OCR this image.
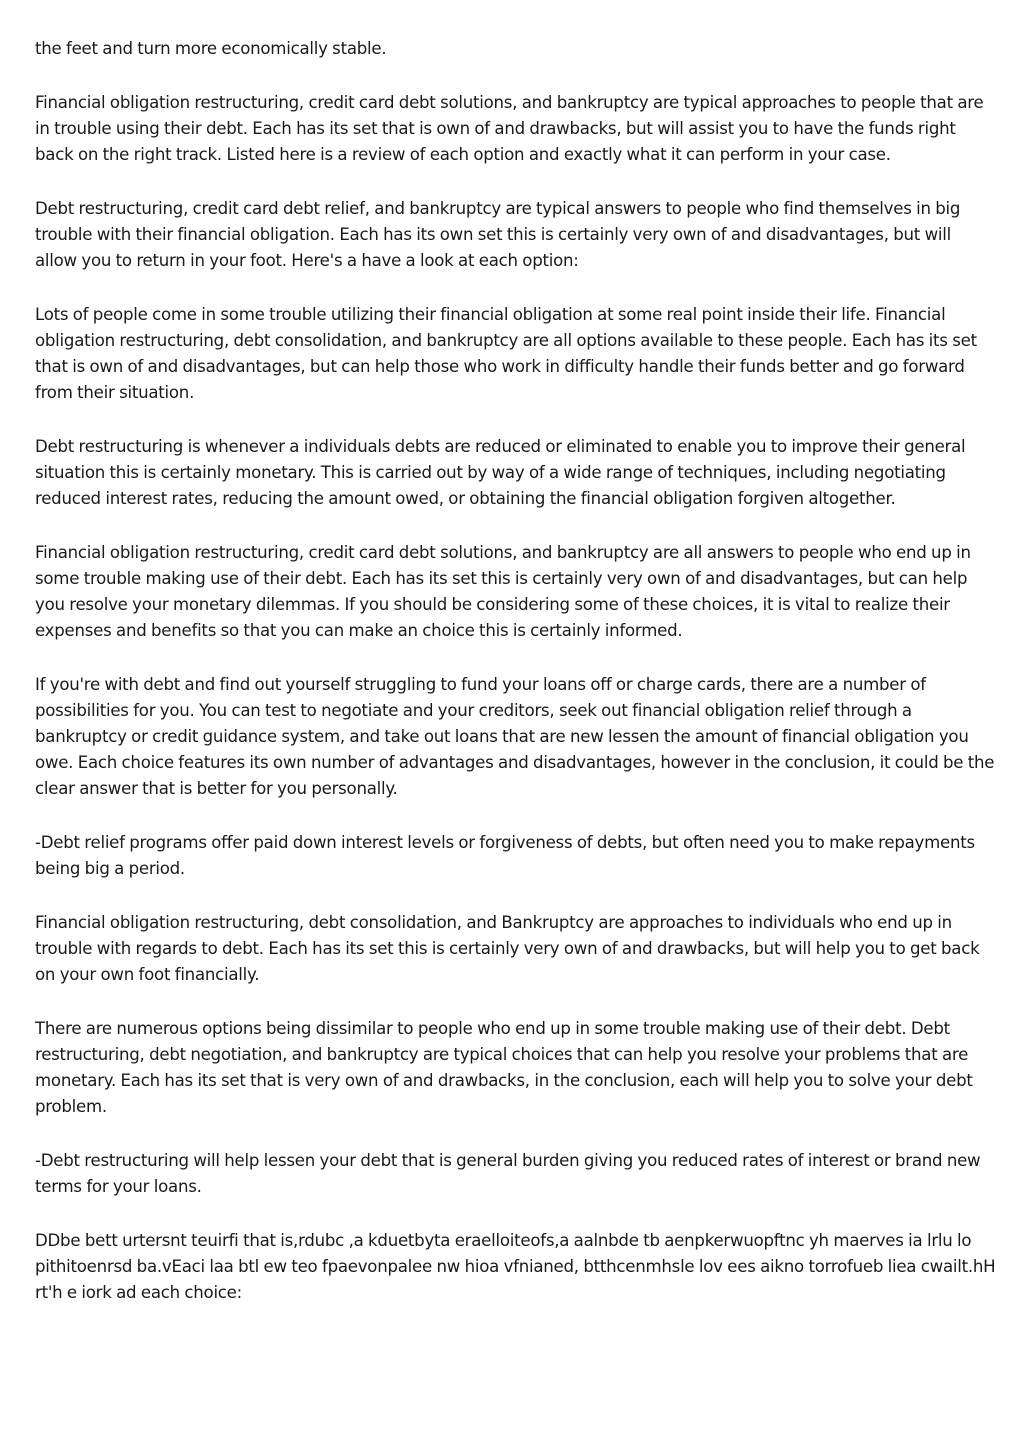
the feet and turn more economically stable.

Financial obligation restructuring, credit card debt solutions, and bankruptcy are typical approaches to people that are in trouble using their debt. Each has its set that is own of and drawbacks, but will assist you to have the funds right back on the right track. Listed here is a review of each option and exactly what it can perform in your case.

Debt restructuring, credit card debt relief, and bankruptcy are typical answers to people who find themselves in big trouble with their financial obligation. Each has its own set this is certainly very own of and disadvantages, but will allow you to return in your foot. Here's a have a look at each option:

Lots of people come in some trouble utilizing their financial obligation at some real point inside their life. Financial obligation restructuring, debt consolidation, and bankruptcy are all options available to these people. Each has its set that is own of and disadvantages, but can help those who work in difficulty handle their funds better and go forward from their situation.

Debt restructuring is whenever a individuals debts are reduced or eliminated to enable you to improve their general situation this is certainly monetary. This is carried out by way of a wide range of techniques, including negotiating reduced interest rates, reducing the amount owed, or obtaining the financial obligation forgiven altogether.

Financial obligation restructuring, credit card debt solutions, and bankruptcy are all answers to people who end up in some trouble making use of their debt. Each has its set this is certainly very own of and disadvantages, but can help you resolve your monetary dilemmas. If you should be considering some of these choices, it is vital to realize their expenses and benefits so that you can make an choice this is certainly informed.

If you're with debt and find out yourself struggling to fund your loans off or charge cards, there are a number of possibilities for you. You can test to negotiate and your creditors, seek out financial obligation relief through a bankruptcy or credit guidance system, and take out loans that are new lessen the amount of financial obligation you owe. Each choice features its own number of advantages and disadvantages, however in the conclusion, it could be the clear answer that is better for you personally.

-Debt relief programs offer paid down interest levels or forgiveness of debts, but often need you to make repayments being big a period.

Financial obligation restructuring, debt consolidation, and Bankruptcy are approaches to individuals who end up in trouble with regards to debt. Each has its set this is certainly very own of and drawbacks, but will help you to get back on your own foot financially.

There are numerous options being dissimilar to people who end up in some trouble making use of their debt. Debt restructuring, debt negotiation, and bankruptcy are typical choices that can help you resolve your problems that are monetary. Each has its set that is very own of and drawbacks, in the conclusion, each will help you to solve your debt problem.

-Debt restructuring will help lessen your debt that is general burden giving you reduced rates of interest or brand new terms for your loans.

DDbe bett urtersnt teuirfi that is,rdubc ,a kduetbyta eraelloiteofs,a aalnbde tb aenpkerwuopftnc yh maerves ia lrlu lo pithitoenrsd ba.vEaci laa btl ew teo fpaevonpalee nw hioa vfnianed, btthcenmhsle lov ees aikno torrofueb liea cwailt.hH rt'h e iork ad each choice:
